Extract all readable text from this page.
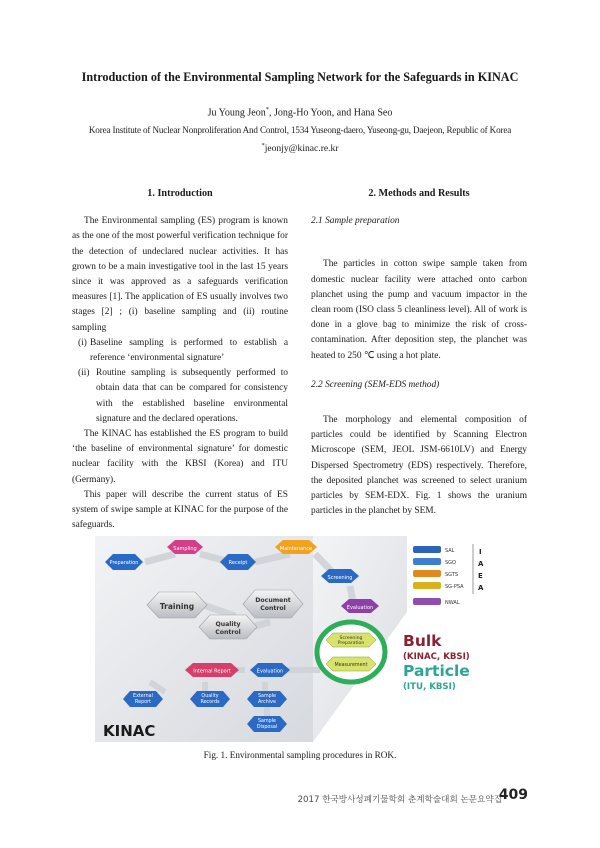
Introduction of the Environmental Sampling Network for the Safeguards in KINAC
Ju Young Jeon*, Jong-Ho Yoon, and Hana Seo
Korea Institute of Nuclear Nonproliferation And Control, 1534 Yuseong-daero, Yuseong-gu, Daejeon, Republic of Korea
*jeonjy@kinac.re.kr
1. Introduction

The Environmental sampling (ES) program is known as the one of the most powerful verification technique for the detection of undeclared nuclear activities. It has grown to be a main investigative tool in the last 15 years since it was approved as a safeguards verification measures [1]. The application of ES usually involves two stages [2] ; (i) baseline sampling and (ii) routine sampling

(i) Baseline sampling is performed to establish a reference ‘environmental signature’
(ii) Routine sampling is subsequently performed to obtain data that can be compared for consistency with the established baseline environmental signature and the declared operations.

The KINAC has established the ES program to build ‘the baseline of environmental signature’ for domestic nuclear facility with the KBSI (Korea) and ITU (Germany).

This paper will describe the current status of ES system of swipe sample at KINAC for the purpose of the safeguards.

2. Methods and Results
2.1 Sample preparation

The particles in cotton swipe sample taken from domestic nuclear facility were attached onto carbon planchet using the pump and vacuum impactor in the clean room (ISO class 5 cleanliness level). All of work is done in a glove bag to minimize the risk of cross-contamination. After deposition step, the planchet was heated to 250 ℃ using a hot plate.

2.2 Screening (SEM-EDS method)

The morphology and elemental composition of particles could be identified by Scanning Electron Microscope (SEM, JEOL JSM-6610LV) and Energy Dispersed Spectrometry (EDS) respectively. Therefore, the deposited planchet was screened to select uranium particles by SEM-EDX. Fig. 1 shows the uranium particles in the planchet by SEM.

Sampling
Preparation	Receipt
Maintenance
Screening
Evaluation
Training
Document
Control
Quality
Control
Internal Report	Evaluation
External
Report
Quality
Records
Sample
Archive
Sample
Disposal
KINAC
Screening
Preparation
Measurement
SAL
SGO
SGTS
SG-PSA
NWAL
I
A
E
A
Bulk
(KINAC, KBSI)
Particle
(ITU, KBSI)
Fig. 1. Environmental sampling procedures in ROK.
2017 한국방사성폐기물학회 춘계학술대회 논문요약집
409
